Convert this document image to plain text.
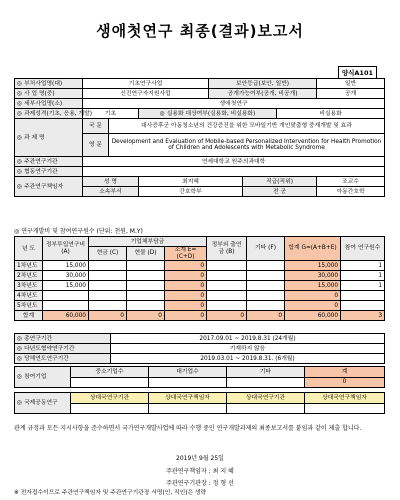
생애첫연구 최종(결과)보고서
양식A101
◎ 부처사업명(대)	기초연구사업			보안등급(보안, 일반)			일반
◎ 사 업 명(중)	신진연구자지원사업			공개가능여부(공개, 비공개)			공개
◎ 세부사업명(소)	생애첫연구						
◎ 과제성격(기초, 응용, 개발)	기초		◎ 실용화 대상여부(실용화, 비실용화)			비실용화	
◎ 과 제 명	국 문	대사증후군 아동청소년의 건강증진을 위한 모바일기반 개인맞춤형 중재개발 및 효과					
	영 문	Development and Evaluation of Mobile-based Personalized Intervention for Health Promotion of Children and Adolescents with Metabolic Syndrome					
◎ 주관연구기관	연세대학교 원주의과대학						
◎ 협동연구기관							
◎ 주관연구책임자	성 명		최지혜		직급(직위)		조교수
	소속부서		간호학부		전 공		아동간호학
◎ 연구개발비 및 참여연구원수 (단위: 천원, M.Y)
년 도	정부투입연구비 (A)	기업체부담금			정부외 출연금 (B)	기타 (F)	합계 G=(A+B+E)	참여 연구원수
		현금 (C)	현물 (D)	소계 E=(C+D)				
1차년도	15,000			0			15,000	1
2차년도	30,000			0			30,000	1
3차년도	15,000			0			15,000	1
4차년도				0			0	
5차년도				0			0	
합계	60,000	0	0	0	0	0	60,000	3
◎ 총연구기간	2017.09.01 ~ 2019.8.31 (24개월)
◎ 다년도협약연구기간	기재하지 않음
◎ 당해연도연구기간	2019.03.01 ~ 2019.8.31. (6개월)
◎ 참여기업	중소기업수	대기업수	기타	계
				0
◎ 국제공동연구	상대국연구기관	상대국연구책임자	상대국연구기관	상대국연구책임자

관계 규정과 모든 지시사항을 준수하면서 국가연구개발사업에 따라 수행 중인 연구개발과제의 최종보고서를 붙임과 같이 제출 합니다.
2019년 9월 25일
주관연구책임자 : 최 지 혜
주관연구기관장 : 정 형 선
※ 전자접수이므로 주관연구책임자 및 주관연구기관장 서명(인, 직인)은 생략
